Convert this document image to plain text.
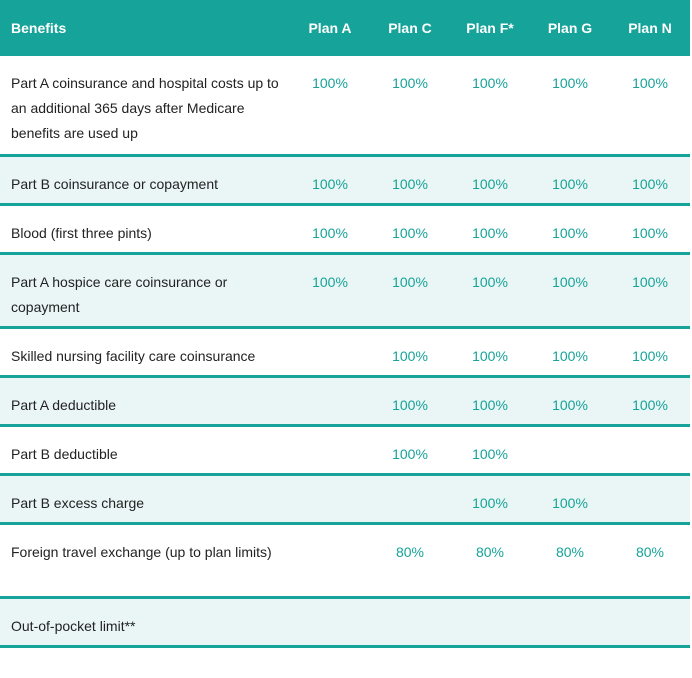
Benefits	Plan A	Plan C	Plan F*	Plan G	Plan N
Part A coinsurance and hospital costs up to an additional 365 days after Medicare benefits are used up	100%	100%	100%	100%	100%
Part B coinsurance or copayment	100%	100%	100%	100%	100%
Blood (first three pints)	100%	100%	100%	100%	100%
Part A hospice care coinsurance or copayment	100%	100%	100%	100%	100%
Skilled nursing facility care coinsurance		100%	100%	100%	100%
Part A deductible		100%	100%	100%	100%
Part B deductible		100%	100%		
Part B excess charge			100%	100%	
Foreign travel exchange (up to plan limits)		80%	80%	80%	80%
Out-of-pocket limit**					
